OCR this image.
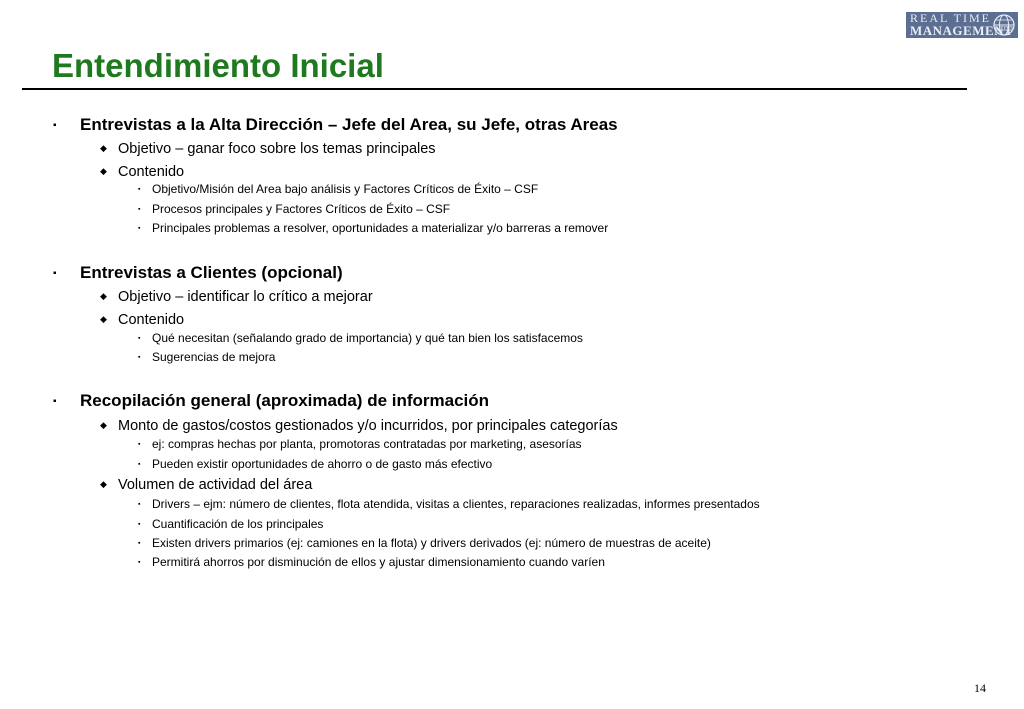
REAL TIME
MANAGEMENT
Entendimiento Inicial
▪ Entrevistas a la Alta Dirección – Jefe del Area, su Jefe, otras Areas
◆ Objetivo – ganar foco sobre los temas principales
◆ Contenido
▪ Objetivo/Misión del Area bajo análisis y Factores Críticos de Éxito – CSF
▪ Procesos principales y Factores Críticos de Éxito – CSF
▪ Principales problemas a resolver, oportunidades a materializar y/o barreras a remover
▪ Entrevistas a Clientes (opcional)
◆ Objetivo – identificar lo crítico a mejorar
◆ Contenido
▪ Qué necesitan (señalando grado de importancia) y qué tan bien los satisfacemos
▪ Sugerencias de mejora
▪ Recopilación general (aproximada) de información
◆ Monto de gastos/costos gestionados y/o incurridos, por principales categorías
▪ ej: compras hechas por planta, promotoras contratadas por marketing, asesorías
▪ Pueden existir oportunidades de ahorro o de gasto más efectivo
◆ Volumen de actividad del área
▪ Drivers – ejm: número de clientes, flota atendida, visitas a clientes, reparaciones realizadas, informes presentados
▪ Cuantificación de los principales
▪ Existen drivers primarios (ej: camiones en la flota) y drivers derivados (ej: número de muestras de aceite)
▪ Permitirá ahorros por disminución de ellos y ajustar dimensionamiento cuando varíen
14
